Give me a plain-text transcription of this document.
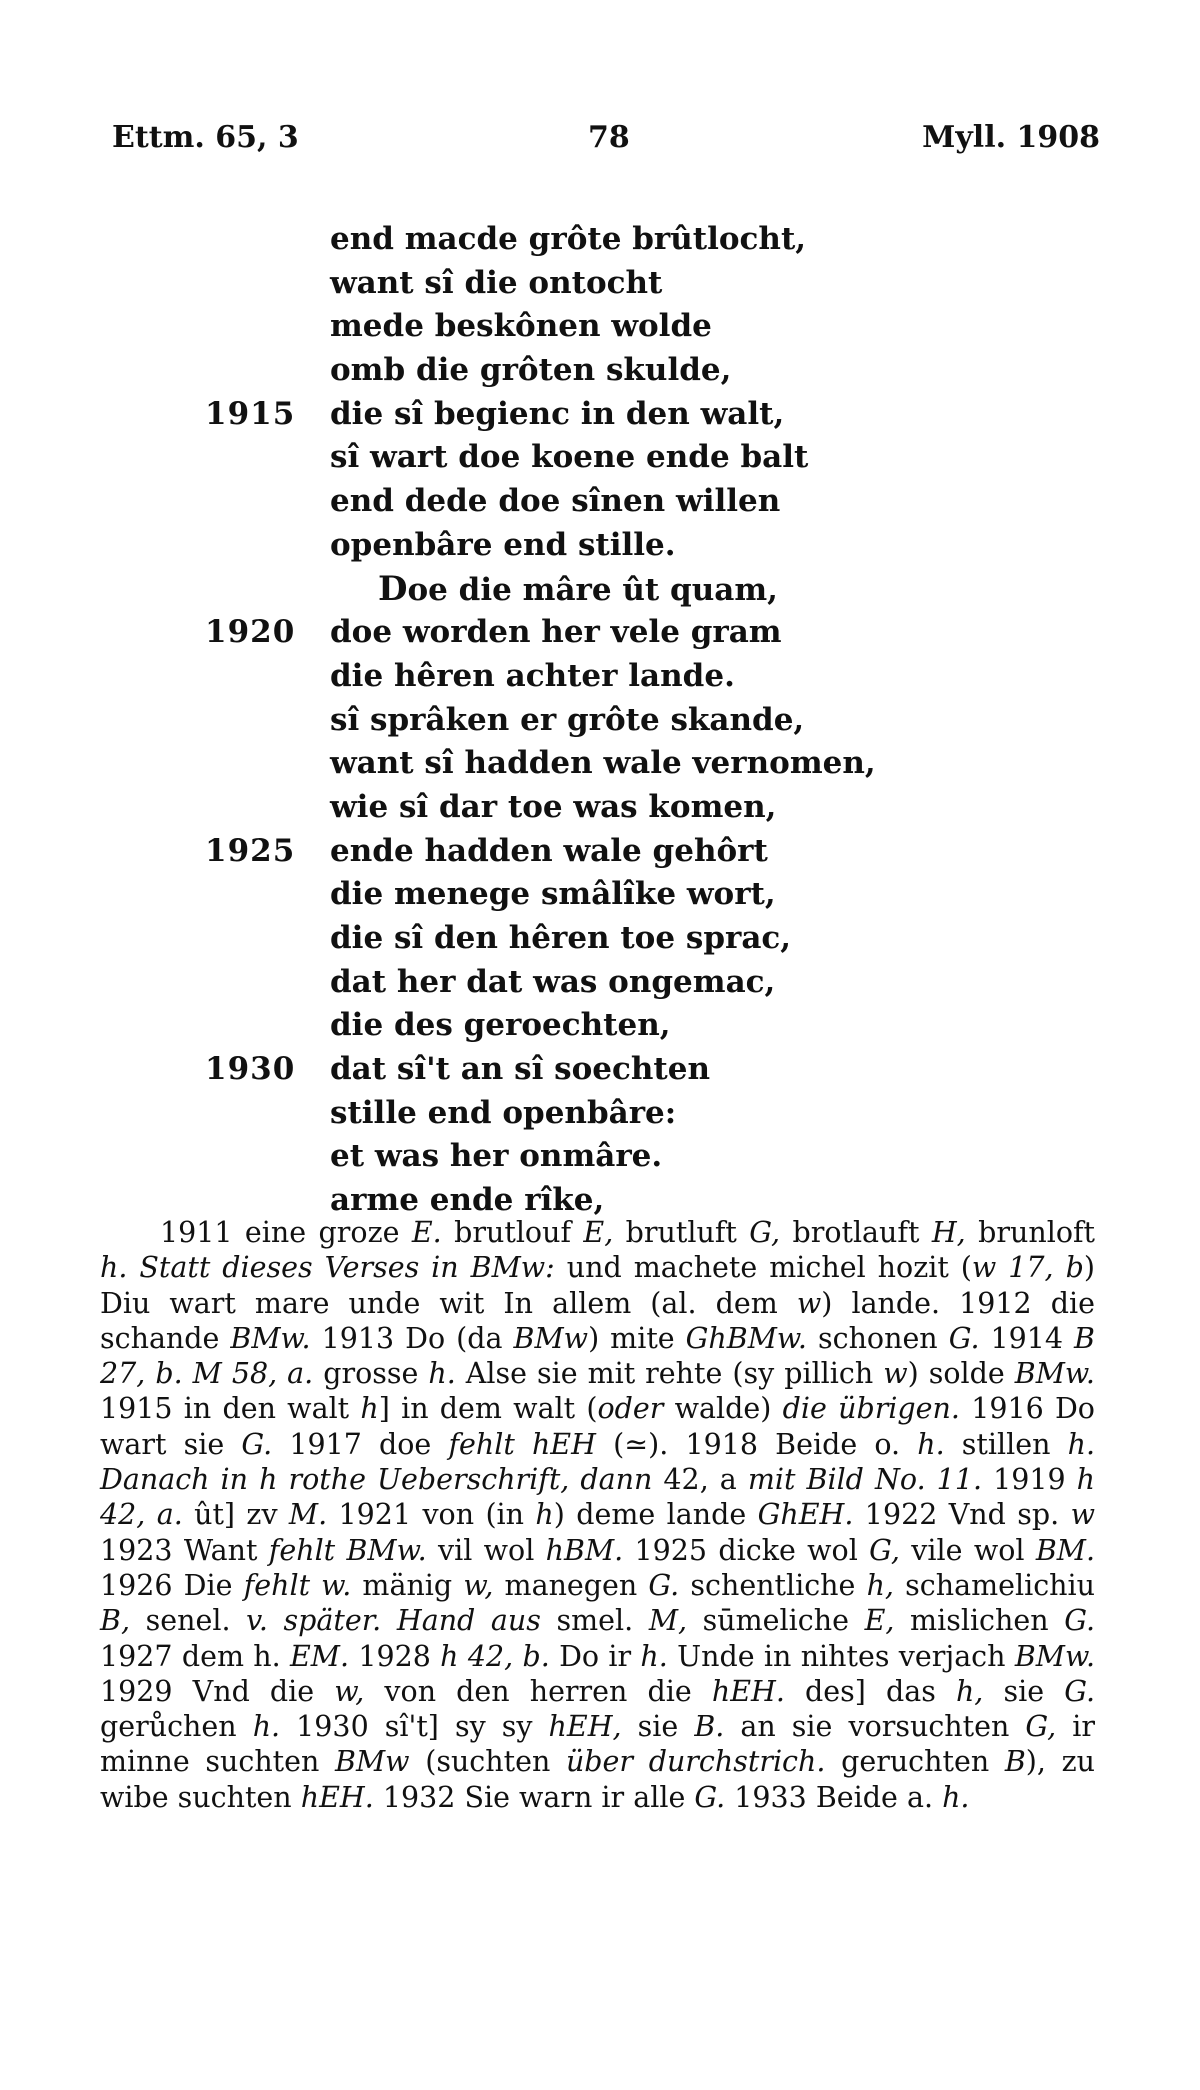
Ettm. 65, 3	78	Myll. 1908
end macde grôte brûtlocht,
want sî die ontocht
mede beskônen wolde
omb die grôten skulde,
1915 die sî begienc in den walt,
sî wart doe koene ende balt
end dede doe sînen willen
openbâre end stille.
Doe die mâre ût quam,
1920 doe worden her vele gram
die hêren achter lande.
sî sprâken er grôte skande,
want sî hadden wale vernomen,
wie sî dar toe was komen,
1925 ende hadden wale gehôrt
die menege smâlîke wort,
die sî den hêren toe sprac,
dat her dat was ongemac,
die des geroechten,
1930 dat sî't an sî soechten
stille end openbâre:
et was her onmâre.
arme ende rîke,

1911 eine groze E. brutlouf E, brutluft G, brotlauft H, brunloft h. Statt dieses Verses in BMw: und machete michel hozit (w 17, b) Diu wart mare unde wit In allem (al. dem w) lande. 1912 die schande BMw. 1913 Do (da BMw) mite GhBMw. schonen G. 1914 B 27, b. M 58, a. grosse h. Alse sie mit rehte (sy pillich w) solde BMw. 1915 in den walt h] in dem walt (oder walde) die übrigen. 1916 Do wart sie G. 1917 doe fehlt hEH (≃). 1918 Beide o. h. stillen h. Danach in h rothe Ueberschrift, dann 42, a mit Bild No. 11. 1919 h 42, a. ût] zv M. 1921 von (in h) deme lande GhEH. 1922 Vnd sp. w 1923 Want fehlt BMw. vil wol hBM. 1925 dicke wol G, vile wol BM. 1926 Die fehlt w. mänig w, manegen G. schentliche h, schamelichiu B, senel. v. später. Hand aus smel. M, sūmeliche E, mislichen G. 1927 dem h. EM. 1928 h 42, b. Do ir h. Unde in nihtes verjach BMw. 1929 Vnd die w, von den herren die hEH. des] das h, sie G. gerůchen h. 1930 sî't] sy sy hEH, sie B. an sie vorsuchten G, ir minne suchten BMw (suchten über durchstrich. geruchten B), zu wibe suchten hEH. 1932 Sie warn ir alle G. 1933 Beide a. h.
